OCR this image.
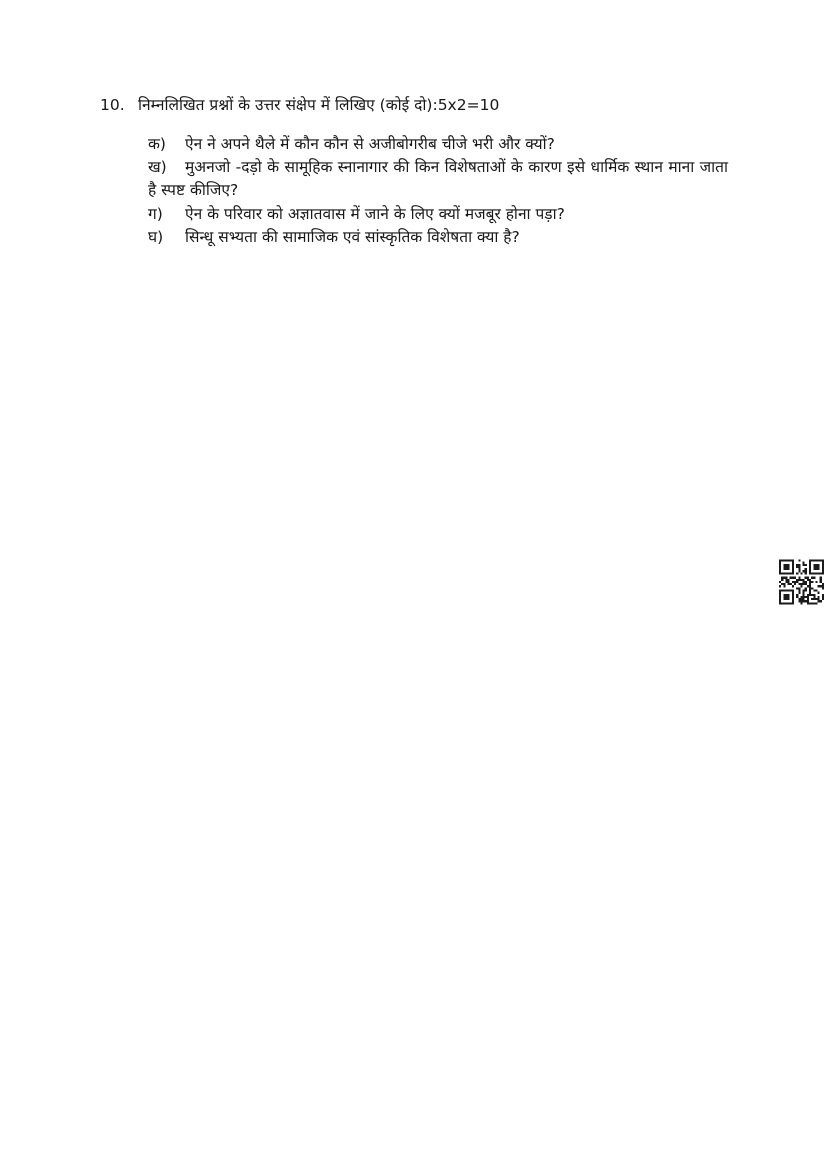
10. निम्नलिखित प्रश्नों के उत्तर संक्षेप में लिखिए (कोई दो):5x2=10

क) ऐन ने अपने थैले में कौन कौन से अजीबोगरीब चीजे भरी और क्यों?

ख) मुअनजो -दड़ो के सामूहिक स्नानागार की किन विशेषताओं के कारण इसे धार्मिक स्थान माना जाता है स्पष्ट कीजिए?

ग) ऐन के परिवार को अज्ञातवास में जाने के लिए क्यों मजबूर होना पड़ा?

घ) सिन्धू सभ्यता की सामाजिक एवं सांस्कृतिक विशेषता क्या है?
